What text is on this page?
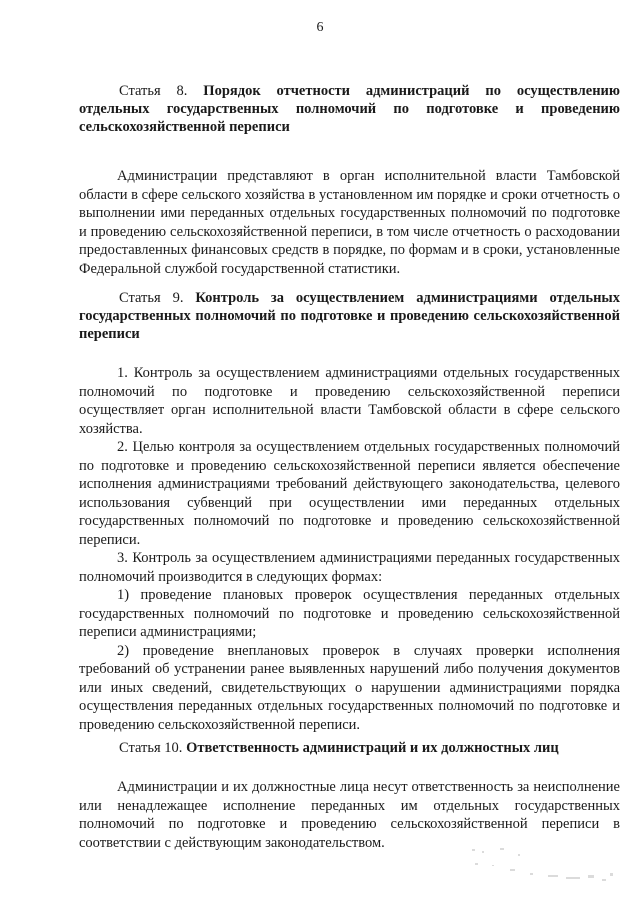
6

Статья 8. Порядок отчетности администраций по осуществлению отдельных государственных полномочий по подготовке и проведению сельскохозяйственной переписи

Администрации представляют в орган исполнительной власти Тамбовской области в сфере сельского хозяйства в установленном им порядке и сроки отчетность о выполнении ими переданных отдельных государственных полномочий по подготовке и проведению сельскохозяйственной переписи, в том числе отчетность о расходовании предоставленных финансовых средств в порядке, по формам и в сроки, установленные Федеральной службой государственной статистики.

Статья 9. Контроль за осуществлением администрациями отдельных государственных полномочий по подготовке и проведению сельскохозяйственной переписи

1. Контроль за осуществлением администрациями отдельных государственных полномочий по подготовке и проведению сельскохозяйственной переписи осуществляет орган исполнительной власти Тамбовской области в сфере сельского хозяйства.

2. Целью контроля за осуществлением отдельных государственных полномочий по подготовке и проведению сельскохозяйственной переписи является обеспечение исполнения администрациями требований действующего законодательства, целевого использования субвенций при осуществлении ими переданных отдельных государственных полномочий по подготовке и проведению сельскохозяйственной переписи.

3. Контроль за осуществлением администрациями переданных государственных полномочий производится в следующих формах:

1) проведение плановых проверок осуществления переданных отдельных государственных полномочий по подготовке и проведению сельскохозяйственной переписи администрациями;

2) проведение внеплановых проверок в случаях проверки исполнения требований об устранении ранее выявленных нарушений либо получения документов или иных сведений, свидетельствующих о нарушении администрациями порядка осуществления переданных отдельных государственных полномочий по подготовке и проведению сельскохозяйственной переписи.

Статья 10. Ответственность администраций и их должностных лиц

Администрации и их должностные лица несут ответственность за неисполнение или ненадлежащее исполнение переданных им отдельных государственных полномочий по подготовке и проведению сельскохозяйственной переписи в соответствии с действующим законодательством.
